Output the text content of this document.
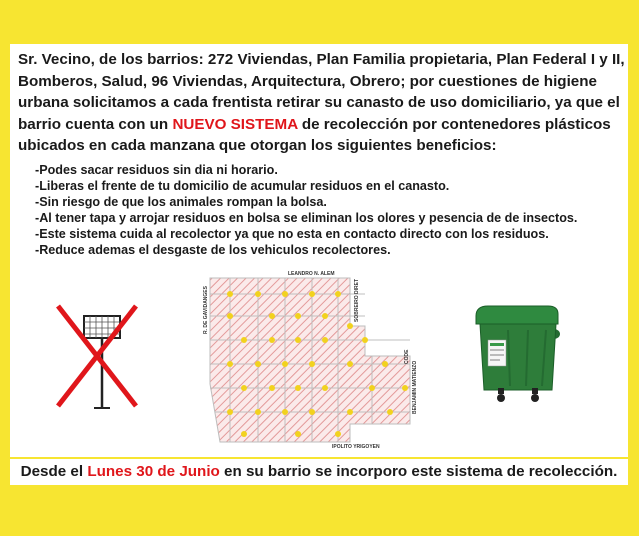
Sr. Vecino, de los barrios: 272 Viviendas, Plan Familia propietaria, Plan Federal I y II, Bomberos, Salud, 96 Viviendas, Arquitectura, Obrero; por cuestiones de higiene urbana solicitamos a cada frentista retirar su canasto de uso domiciliario, ya que el barrio cuenta con un NUEVO SISTEMA de recolección por contenedores plásticos ubicados en cada manzana que otorgan los siguientes beneficios:

-Podes sacar residuos sin dia ni horario.
-Liberas el frente de tu domicilio de acumular residuos en el canasto.
-Sin riesgo de que los animales rompan la bolsa.
-Al tener tapa y arrojar residuos en bolsa se eliminan los olores y pesencia de de insectos.
-Este sistema cuida al recolector ya que no esta en contacto directo con los residuos.
-Reduce ademas el desgaste de los vehiculos recolectores.
LEANDRO N. ALEM
IPOLITO YRIGOYEN
R. DE GAVIDANGES	SOBREIRO DIRET
BENJAMIN MATIENZO
CODE
Desde el Lunes 30 de Junio en su barrio se incorporo este sistema de recolección.
